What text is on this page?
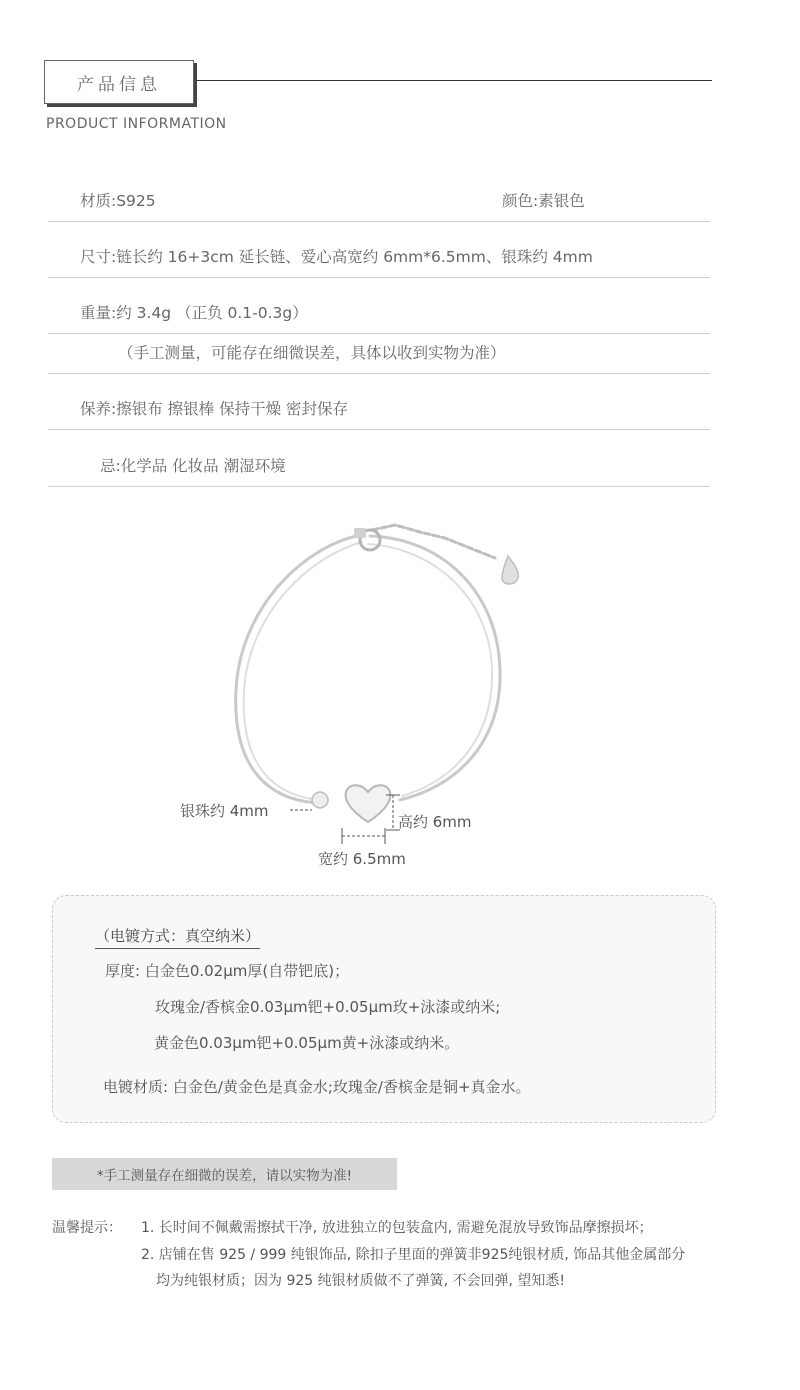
产品信息
PRODUCT INFORMATION
材质:S925	颜色:素银色
尺寸:链长约 16+3cm 延长链、爱心高宽约 6mm*6.5mm、银珠约 4mm
重量:约 3.4g （正负 0.1-0.3g）
（手工测量，可能存在细微误差，具体以收到实物为准）
保养:擦银布 擦银棒 保持干燥 密封保存
忌:化学品 化妆品 潮湿环境
银珠约 4mm
高约 6mm
宽约 6.5mm
（电镀方式：真空纳米）
厚度: 白金色0.02μm厚(自带钯底)；
玫瑰金/香槟金0.03μm钯+0.05μm玫+泳漆或纳米;
黄金色0.03μm钯+0.05μm黄+泳漆或纳米。
电镀材质: 白金色/黄金色是真金水;玫瑰金/香槟金是铜+真金水。
*手工测量存在细微的误差，请以实物为准!
温馨提示： 1. 长时间不佩戴需擦拭干净, 放进独立的包装盒内, 需避免混放导致饰品摩擦损坏；
2. 店铺在售 925 / 999 纯银饰品, 除扣子里面的弹簧非925纯银材质, 饰品其他金属部分
均为纯银材质；因为 925 纯银材质做不了弹簧, 不会回弹, 望知悉!
